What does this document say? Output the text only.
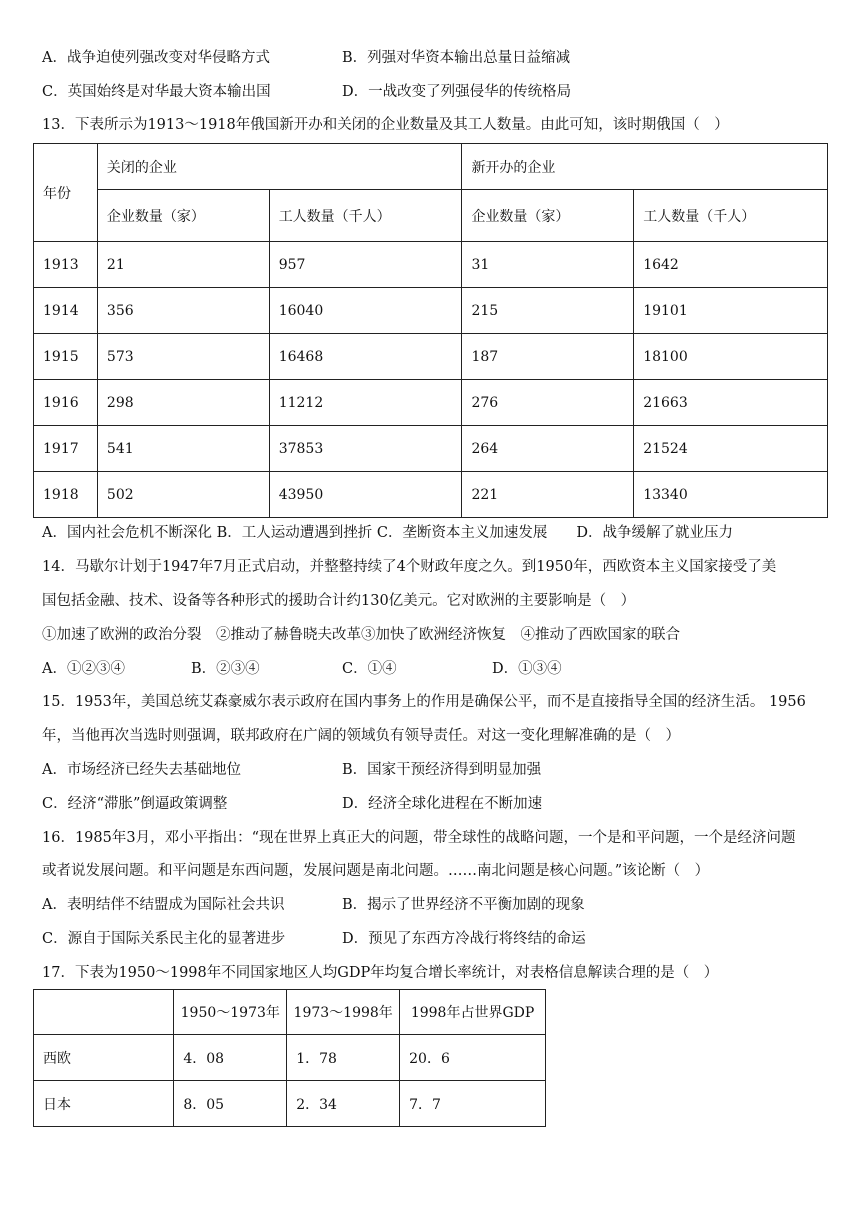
A．战争迫使列强改变对华侵略方式	B．列强对华资本输出总量日益缩减
C．英国始终是对华最大资本输出国	D．一战改变了列强侵华的传统格局
13．下表所示为1913～1918年俄国新开办和关闭的企业数量及其工人数量。由此可知，该时期俄国（　）
年份	关闭的企业		新开办的企业	
	企业数量（家）	工人数量（千人）	企业数量（家）	工人数量（千人）
1913	21	957	31	1642
1914	356	16040	215	19101
1915	573	16468	187	18100
1916	298	11212	276	21663
1917	541	37853	264	21524
1918	502	43950	221	13340
A．国内社会危机不断深化 B．工人运动遭遇到挫折 C．垄断资本主义加速发展　　D．战争缓解了就业压力
14．马歇尔计划于1947年7月正式启动，并整整持续了4个财政年度之久。到1950年，西欧资本主义国家接受了美
国包括金融、技术、设备等各种形式的援助合计约130亿美元。它对欧洲的主要影响是（　）
①加速了欧洲的政治分裂　②推动了赫鲁晓夫改革③加快了欧洲经济恢复　④推动了西欧国家的联合
A．①②③④	B．②③④	C．①④	D．①③④
15．1953年，美国总统艾森豪威尔表示政府在国内事务上的作用是确保公平，而不是直接指导全国的经济生活。 1956
年，当他再次当选时则强调，联邦政府在广阔的领域负有领导责任。对这一变化理解准确的是（　）
A．市场经济已经失去基础地位	B．国家干预经济得到明显加强
C．经济“滞胀”倒逼政策调整	D．经济全球化进程在不断加速
16．1985年3月，邓小平指出：“现在世界上真正大的问题，带全球性的战略问题，一个是和平问题，一个是经济问题
或者说发展问题。和平问题是东西问题，发展问题是南北问题。……南北问题是核心问题。”该论断（　）
A．表明结伴不结盟成为国际社会共识	B．揭示了世界经济不平衡加剧的现象
C．源自于国际关系民主化的显著进步	D．预见了东西方冷战行将终结的命运
17．下表为1950～1998年不同国家地区人均GDP年均复合增长率统计，对表格信息解读合理的是（　）
	1950～1973年	1973～1998年	1998年占世界GDP
西欧	4．08	1．78	20．6
日本	8．05	2．34	7．7
